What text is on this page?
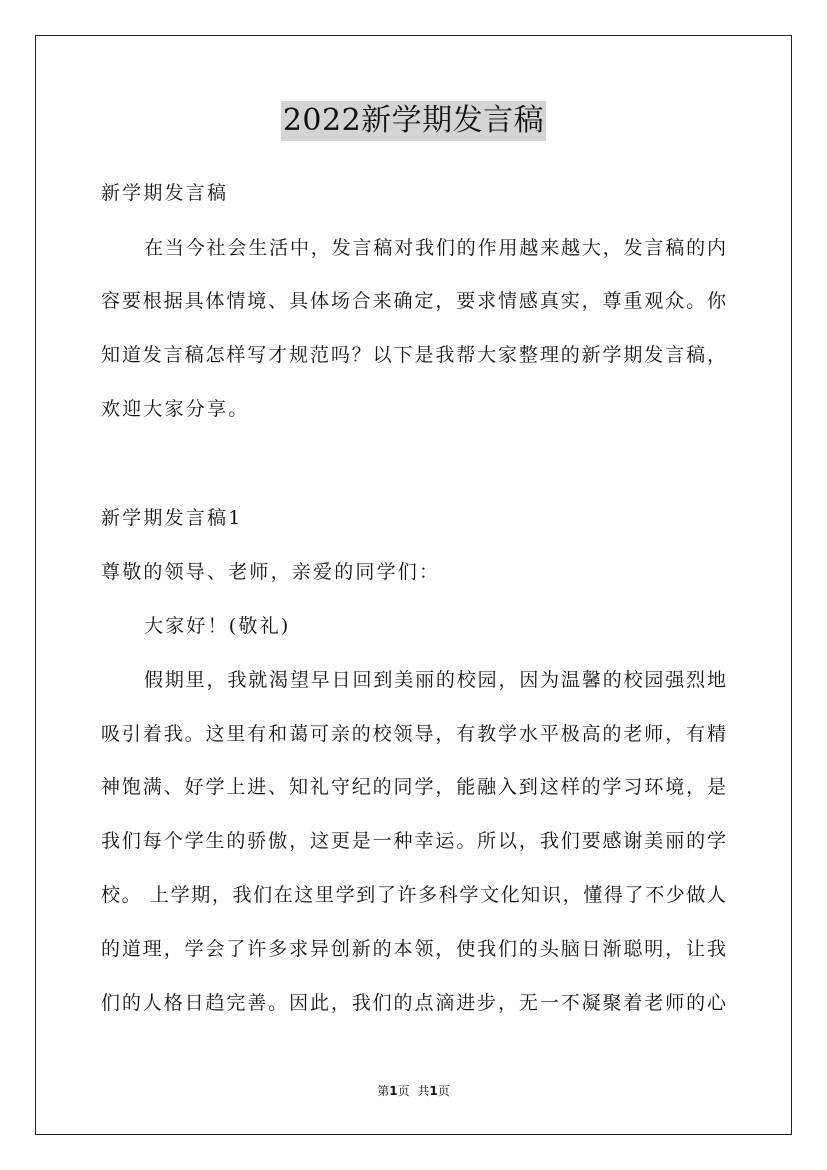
2022新学期发言稿
新学期发言稿
在当今社会生活中，发言稿对我们的作用越来越大，发言稿的内
容要根据具体情境、具体场合来确定，要求情感真实，尊重观众。你
知道发言稿怎样写才规范吗？以下是我帮大家整理的新学期发言稿，
欢迎大家分享。
新学期发言稿1
尊敬的领导、老师，亲爱的同学们：
大家好！(敬礼)
假期里，我就渴望早日回到美丽的校园，因为温馨的校园强烈地
吸引着我。这里有和蔼可亲的校领导，有教学水平极高的老师，有精
神饱满、好学上进、知礼守纪的同学，能融入到这样的学习环境，是
我们每个学生的骄傲，这更是一种幸运。所以，我们要感谢美丽的学
校。 上学期，我们在这里学到了许多科学文化知识，懂得了不少做人
的道理，学会了许多求异创新的本领，使我们的头脑日渐聪明，让我
们的人格日趋完善。因此，我们的点滴进步，无一不凝聚着老师的心
第1页 共1页
